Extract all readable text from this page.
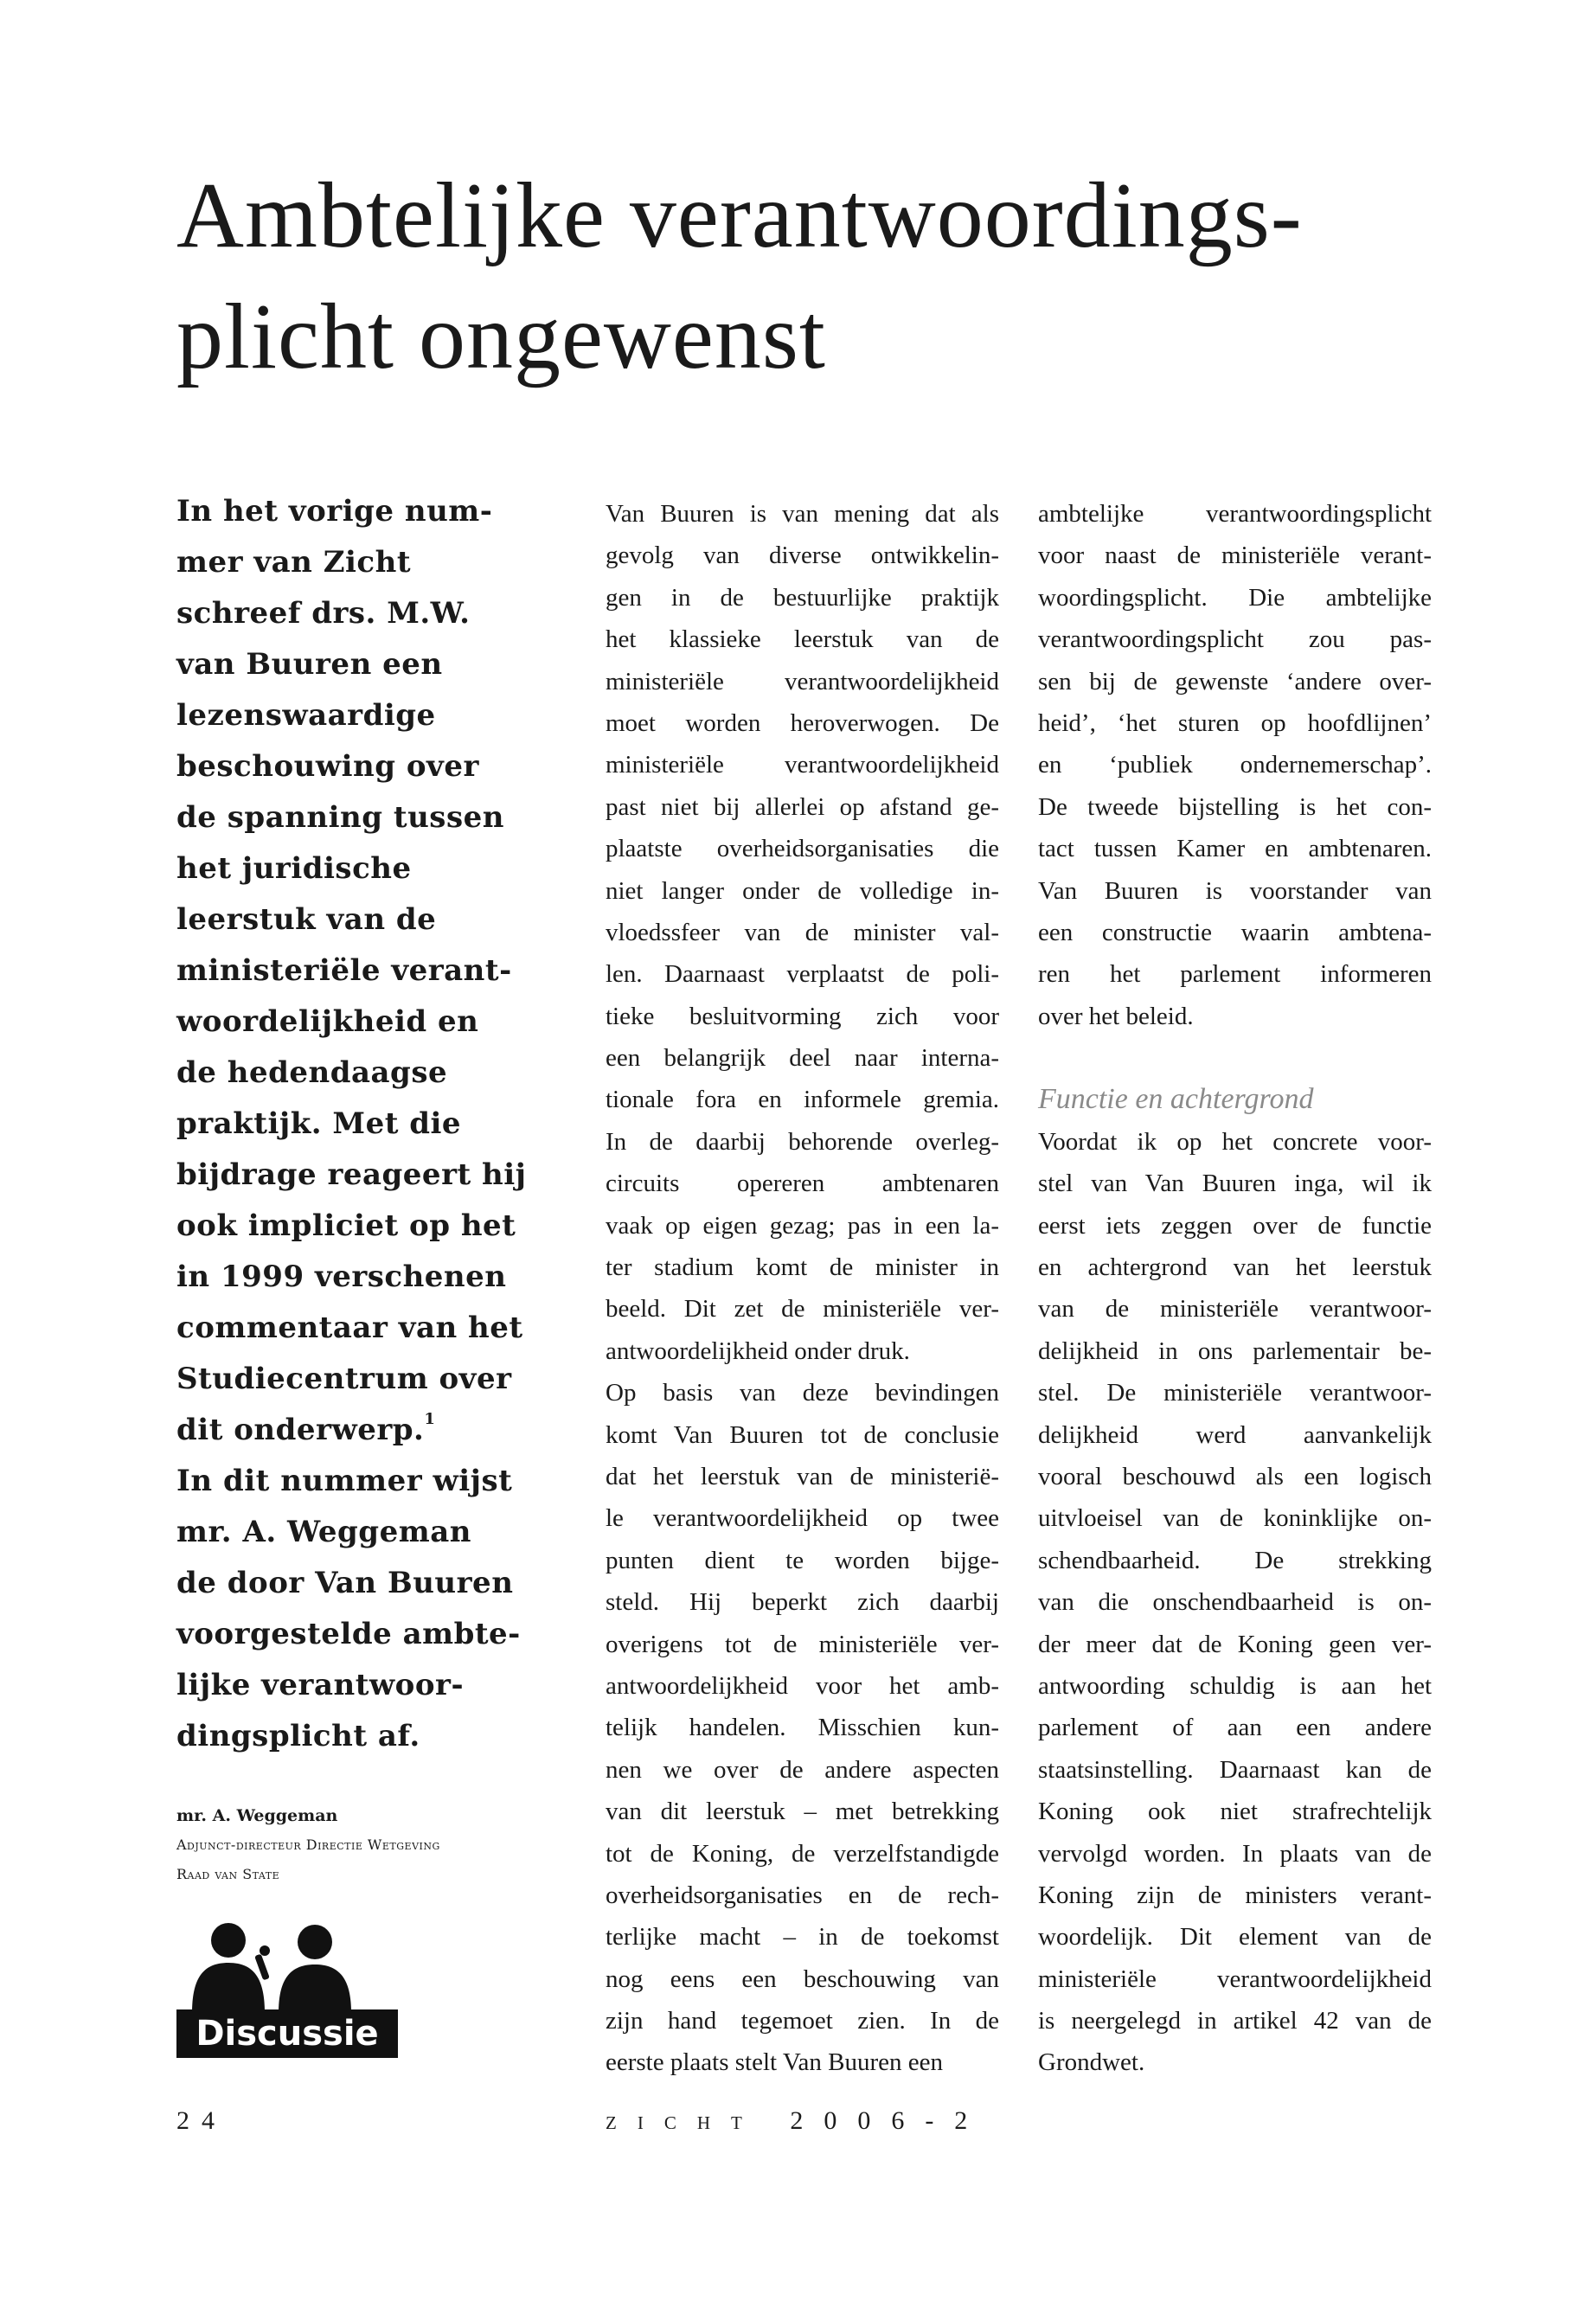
Ambtelijke verantwoordings-
plicht ongewenst
In het vorige num-
mer van Zicht
schreef drs. M.W.
van Buuren een
lezenswaardige
beschouwing over
de spanning tussen
het juridische
leerstuk van de
ministeriële verant-
woordelijkheid en
de hedendaagse
praktijk. Met die
bijdrage reageert hij
ook impliciet op het
in 1999 verschenen
commentaar van het
Studiecentrum over
dit onderwerp.$^1$
In dit nummer wijst
mr. A. Weggeman
de door Van Buuren
voorgestelde ambte-
lijke verantwoor-
dingsplicht af.
mr. A. Weggeman
Adjunct-directeur Directie Wetgeving
Raad van State
Discussie
Van Buuren is van mening dat als
gevolg van diverse ontwikkelin-
gen in de bestuurlijke praktijk
het klassieke leerstuk van de
ministeriële verantwoordelijkheid
moet worden heroverwogen. De
ministeriële verantwoordelijkheid
past niet bij allerlei op afstand ge-
plaatste overheidsorganisaties die
niet langer onder de volledige in-
vloedssfeer van de minister val-
len. Daarnaast verplaatst de poli-
tieke besluitvorming zich voor
een belangrijk deel naar interna-
tionale fora en informele gremia.
In de daarbij behorende overleg-
circuits opereren ambtenaren
vaak op eigen gezag; pas in een la-
ter stadium komt de minister in
beeld. Dit zet de ministeriële ver-
antwoordelijkheid onder druk.
Op basis van deze bevindingen
komt Van Buuren tot de conclusie
dat het leerstuk van de ministeriё-
le verantwoordelijkheid op twee
punten dient te worden bijge-
steld. Hij beperkt zich daarbij
overigens tot de ministeriële ver-
antwoordelijkheid voor het amb-
telijk handelen. Misschien kun-
nen we over de andere aspecten
van dit leerstuk – met betrekking
tot de Koning, de verzelfstandigde
overheidsorganisaties en de rech-
terlijke macht – in de toekomst
nog eens een beschouwing van
zijn hand tegemoet zien. In de
eerste plaats stelt Van Buuren een
ambtelijke verantwoordingsplicht
voor naast de ministeriële verant-
woordingsplicht. Die ambtelijke
verantwoordingsplicht zou pas-
sen bij de gewenste ‘andere over-
heid’, ‘het sturen op hoofdlijnen’
en ‘publiek ondernemerschap’.
De tweede bijstelling is het con-
tact tussen Kamer en ambtenaren.
Van Buuren is voorstander van
een constructie waarin ambtena-
ren het parlement informeren
over het beleid.
Functie en achtergrond
Voordat ik op het concrete voor-
stel van Van Buuren inga, wil ik
eerst iets zeggen over de functie
en achtergrond van het leerstuk
van de ministeriële verantwoor-
delijkheid in ons parlementair be-
stel. De ministeriële verantwoor-
delijkheid werd aanvankelijk
vooral beschouwd als een logisch
uitvloeisel van de koninklijke on-
schendbaarheid. De strekking
van die onschendbaarheid is on-
der meer dat de Koning geen ver-
antwoording schuldig is aan het
parlement of aan een andere
staatsinstelling. Daarnaast kan de
Koning ook niet strafrechtelijk
vervolgd worden. In plaats van de
Koning zijn de ministers verant-
woordelijk. Dit element van de
ministeriële verantwoordelijkheid
is neergelegd in artikel 42 van de
Grondwet.
24	zicht 2006-2
